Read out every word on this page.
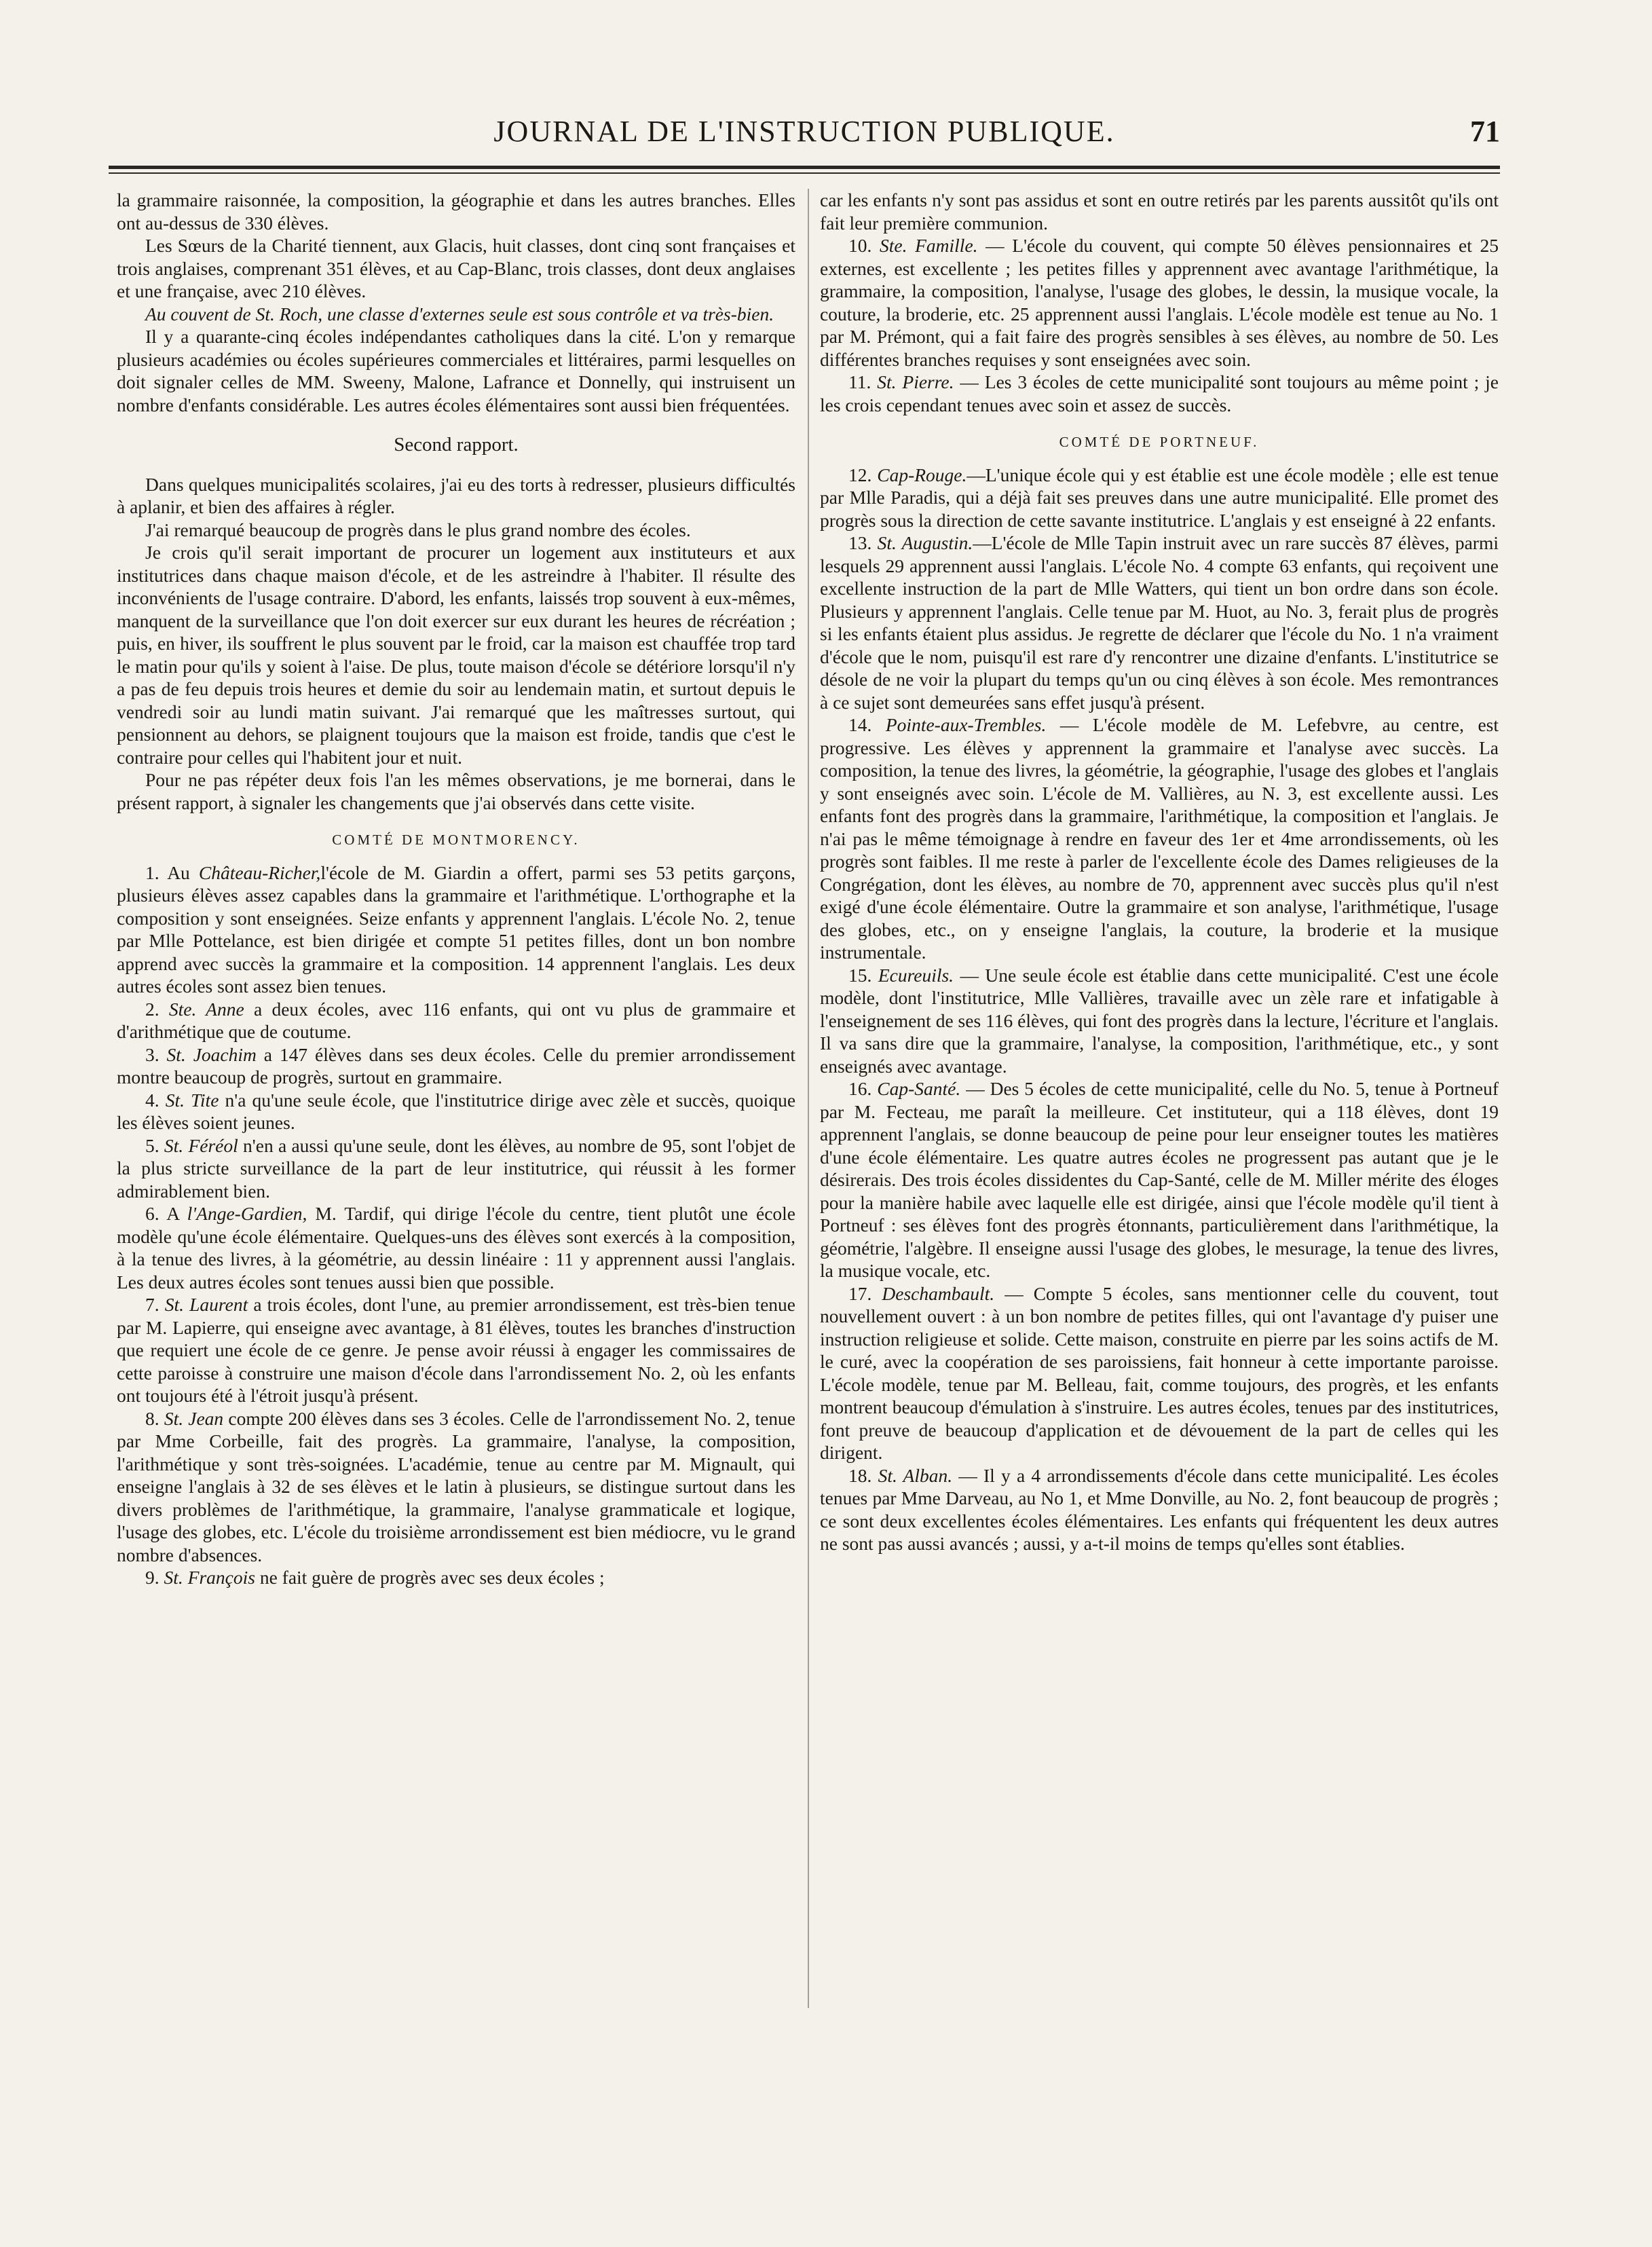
JOURNAL DE L'INSTRUCTION PUBLIQUE.	71

la grammaire raisonnée, la composition, la géographie et dans les autres branches. Elles ont au-dessus de 330 élèves.

Les Sœurs de la Charité tiennent, aux Glacis, huit classes, dont cinq sont françaises et trois anglaises, comprenant 351 élèves, et au Cap-Blanc, trois classes, dont deux anglaises et une française, avec 210 élèves.

Au couvent de St. Roch, une classe d'externes seule est sous contrôle et va très-bien.

Il y a quarante-cinq écoles indépendantes catholiques dans la cité. L'on y remarque plusieurs académies ou écoles supérieures commerciales et littéraires, parmi lesquelles on doit signaler celles de MM. Sweeny, Malone, Lafrance et Donnelly, qui instruisent un nombre d'enfants considérable. Les autres écoles élémentaires sont aussi bien fréquentées.

Second rapport.

Dans quelques municipalités scolaires, j'ai eu des torts à redresser, plusieurs difficultés à aplanir, et bien des affaires à régler.

J'ai remarqué beaucoup de progrès dans le plus grand nombre des écoles.

Je crois qu'il serait important de procurer un logement aux instituteurs et aux institutrices dans chaque maison d'école, et de les astreindre à l'habiter. Il résulte des inconvénients de l'usage contraire. D'abord, les enfants, laissés trop souvent à eux-mêmes, manquent de la surveillance que l'on doit exercer sur eux durant les heures de récréation ; puis, en hiver, ils souffrent le plus souvent par le froid, car la maison est chauffée trop tard le matin pour qu'ils y soient à l'aise. De plus, toute maison d'école se détériore lorsqu'il n'y a pas de feu depuis trois heures et demie du soir au lendemain matin, et surtout depuis le vendredi soir au lundi matin suivant. J'ai remarqué que les maîtresses surtout, qui pensionnent au dehors, se plaignent toujours que la maison est froide, tandis que c'est le contraire pour celles qui l'habitent jour et nuit.

Pour ne pas répéter deux fois l'an les mêmes observations, je me bornerai, dans le présent rapport, à signaler les changements que j'ai observés dans cette visite.

COMTÉ DE MONTMORENCY.

1. Au Château-Richer,l'école de M. Giardin a offert, parmi ses 53 petits garçons, plusieurs élèves assez capables dans la grammaire et l'arithmétique. L'orthographe et la composition y sont enseignées. Seize enfants y apprennent l'anglais. L'école No. 2, tenue par Mlle Pottelance, est bien dirigée et compte 51 petites filles, dont un bon nombre apprend avec succès la grammaire et la composition. 14 apprennent l'anglais. Les deux autres écoles sont assez bien tenues.

2. Ste. Anne a deux écoles, avec 116 enfants, qui ont vu plus de grammaire et d'arithmétique que de coutume.

3. St. Joachim a 147 élèves dans ses deux écoles. Celle du premier arrondissement montre beaucoup de progrès, surtout en grammaire.

4. St. Tite n'a qu'une seule école, que l'institutrice dirige avec zèle et succès, quoique les élèves soient jeunes.

5. St. Féréol n'en a aussi qu'une seule, dont les élèves, au nombre de 95, sont l'objet de la plus stricte surveillance de la part de leur institutrice, qui réussit à les former admirablement bien.

6. A l'Ange-Gardien, M. Tardif, qui dirige l'école du centre, tient plutôt une école modèle qu'une école élémentaire. Quelques-uns des élèves sont exercés à la composition, à la tenue des livres, à la géométrie, au dessin linéaire : 11 y apprennent aussi l'anglais. Les deux autres écoles sont tenues aussi bien que possible.

7. St. Laurent a trois écoles, dont l'une, au premier arrondissement, est très-bien tenue par M. Lapierre, qui enseigne avec avantage, à 81 élèves, toutes les branches d'instruction que requiert une école de ce genre. Je pense avoir réussi à engager les commissaires de cette paroisse à construire une maison d'école dans l'arrondissement No. 2, où les enfants ont toujours été à l'étroit jusqu'à présent.

8. St. Jean compte 200 élèves dans ses 3 écoles. Celle de l'arrondissement No. 2, tenue par Mme Corbeille, fait des progrès. La grammaire, l'analyse, la composition, l'arithmétique y sont très-soignées. L'académie, tenue au centre par M. Mignault, qui enseigne l'anglais à 32 de ses élèves et le latin à plusieurs, se distingue surtout dans les divers problèmes de l'arithmétique, la grammaire, l'analyse grammaticale et logique, l'usage des globes, etc. L'école du troisième arrondissement est bien médiocre, vu le grand nombre d'absences.

9. St. François ne fait guère de progrès avec ses deux écoles ;

car les enfants n'y sont pas assidus et sont en outre retirés par les parents aussitôt qu'ils ont fait leur première communion.

10. Ste. Famille. — L'école du couvent, qui compte 50 élèves pensionnaires et 25 externes, est excellente ; les petites filles y apprennent avec avantage l'arithmétique, la grammaire, la composition, l'analyse, l'usage des globes, le dessin, la musique vocale, la couture, la broderie, etc. 25 apprennent aussi l'anglais. L'école modèle est tenue au No. 1 par M. Prémont, qui a fait faire des progrès sensibles à ses élèves, au nombre de 50. Les différentes branches requises y sont enseignées avec soin.

11. St. Pierre. — Les 3 écoles de cette municipalité sont toujours au même point ; je les crois cependant tenues avec soin et assez de succès.

COMTÉ DE PORTNEUF.

12. Cap-Rouge.—L'unique école qui y est établie est une école modèle ; elle est tenue par Mlle Paradis, qui a déjà fait ses preuves dans une autre municipalité. Elle promet des progrès sous la direction de cette savante institutrice. L'anglais y est enseigné à 22 enfants.

13. St. Augustin.—L'école de Mlle Tapin instruit avec un rare succès 87 élèves, parmi lesquels 29 apprennent aussi l'anglais. L'école No. 4 compte 63 enfants, qui reçoivent une excellente instruction de la part de Mlle Watters, qui tient un bon ordre dans son école. Plusieurs y apprennent l'anglais. Celle tenue par M. Huot, au No. 3, ferait plus de progrès si les enfants étaient plus assidus. Je regrette de déclarer que l'école du No. 1 n'a vraiment d'école que le nom, puisqu'il est rare d'y rencontrer une dizaine d'enfants. L'institutrice se désole de ne voir la plupart du temps qu'un ou cinq élèves à son école. Mes remontrances à ce sujet sont demeurées sans effet jusqu'à présent.

14. Pointe-aux-Trembles. — L'école modèle de M. Lefebvre, au centre, est progressive. Les élèves y apprennent la grammaire et l'analyse avec succès. La composition, la tenue des livres, la géométrie, la géographie, l'usage des globes et l'anglais y sont enseignés avec soin. L'école de M. Vallières, au N. 3, est excellente aussi. Les enfants font des progrès dans la grammaire, l'arithmétique, la composition et l'anglais. Je n'ai pas le même témoignage à rendre en faveur des 1er et 4me arrondissements, où les progrès sont faibles. Il me reste à parler de l'excellente école des Dames religieuses de la Congrégation, dont les élèves, au nombre de 70, apprennent avec succès plus qu'il n'est exigé d'une école élémentaire. Outre la grammaire et son analyse, l'arithmétique, l'usage des globes, etc., on y enseigne l'anglais, la couture, la broderie et la musique instrumentale.

15. Ecureuils. — Une seule école est établie dans cette municipalité. C'est une école modèle, dont l'institutrice, Mlle Vallières, travaille avec un zèle rare et infatigable à l'enseignement de ses 116 élèves, qui font des progrès dans la lecture, l'écriture et l'anglais. Il va sans dire que la grammaire, l'analyse, la composition, l'arithmétique, etc., y sont enseignés avec avantage.

16. Cap-Santé. — Des 5 écoles de cette municipalité, celle du No. 5, tenue à Portneuf par M. Fecteau, me paraît la meilleure. Cet instituteur, qui a 118 élèves, dont 19 apprennent l'anglais, se donne beaucoup de peine pour leur enseigner toutes les matières d'une école élémentaire. Les quatre autres écoles ne progressent pas autant que je le désirerais. Des trois écoles dissidentes du Cap-Santé, celle de M. Miller mérite des éloges pour la manière habile avec laquelle elle est dirigée, ainsi que l'école modèle qu'il tient à Portneuf : ses élèves font des progrès étonnants, particulièrement dans l'arithmétique, la géométrie, l'algèbre. Il enseigne aussi l'usage des globes, le mesurage, la tenue des livres, la musique vocale, etc.

17. Deschambault. — Compte 5 écoles, sans mentionner celle du couvent, tout nouvellement ouvert : à un bon nombre de petites filles, qui ont l'avantage d'y puiser une instruction religieuse et solide. Cette maison, construite en pierre par les soins actifs de M. le curé, avec la coopération de ses paroissiens, fait honneur à cette importante paroisse. L'école modèle, tenue par M. Belleau, fait, comme toujours, des progrès, et les enfants montrent beaucoup d'émulation à s'instruire. Les autres écoles, tenues par des institutrices, font preuve de beaucoup d'application et de dévouement de la part de celles qui les dirigent.

18. St. Alban. — Il y a 4 arrondissements d'école dans cette municipalité. Les écoles tenues par Mme Darveau, au No 1, et Mme Donville, au No. 2, font beaucoup de progrès ; ce sont deux excellentes écoles élémentaires. Les enfants qui fréquentent les deux autres ne sont pas aussi avancés ; aussi, y a-t-il moins de temps qu'elles sont établies.
